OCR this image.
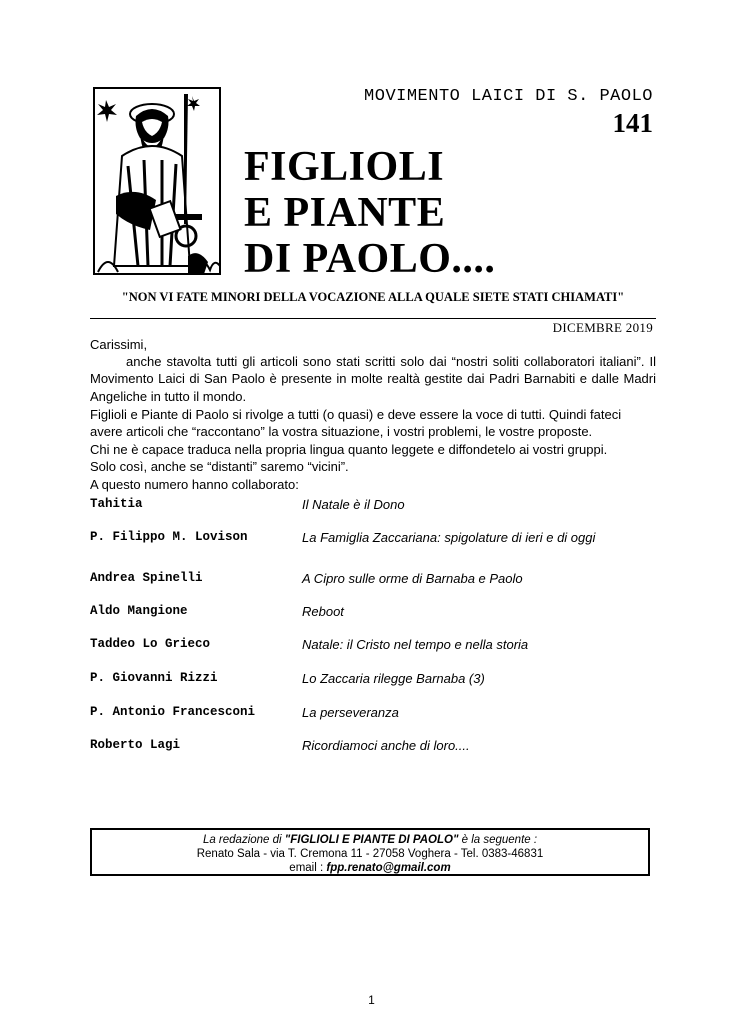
MOVIMENTO LAICI DI S. PAOLO
141
FIGLIOLI
E PIANTE
DI PAOLO....
"NON VI FATE MINORI DELLA VOCAZIONE ALLA QUALE SIETE STATI CHIAMATI"
DICEMBRE 2019
Carissimi,
anche stavolta tutti gli articoli sono stati scritti solo dai “nostri soliti collaboratori italiani”. Il Movimento Laici di San Paolo è presente in molte realtà gestite dai Padri Barnabiti e dalle Madri Angeliche in tutto il mondo.
Figlioli e Piante di Paolo si rivolge a tutti (o quasi) e deve essere la voce di tutti. Quindi fateci
avere articoli che “raccontano” la vostra situazione, i vostri problemi, le vostre proposte.
Chi ne è capace traduca nella propria lingua quanto leggete e diffondetelo ai vostri gruppi.
Solo così, anche se “distanti” saremo “vicini”.
A questo numero hanno collaborato:
Tahitia	Il Natale è il Dono
P. Filippo M. Lovison	La Famiglia Zaccariana: spigolature di ieri e di oggi
Andrea Spinelli	A Cipro sulle orme di Barnaba e Paolo
Aldo Mangione	Reboot
Taddeo Lo Grieco	Natale: il Cristo nel tempo e nella storia
P. Giovanni Rizzi	Lo Zaccaria rilegge Barnaba (3)
P. Antonio Francesconi	La perseveranza
Roberto Lagi	Ricordiamoci anche di loro....
La redazione di "FIGLIOLI E PIANTE DI PAOLO" è la seguente :
Renato Sala - via T. Cremona 11 - 27058 Voghera - Tel. 0383-46831
email : fpp.renato@gmail.com
1
